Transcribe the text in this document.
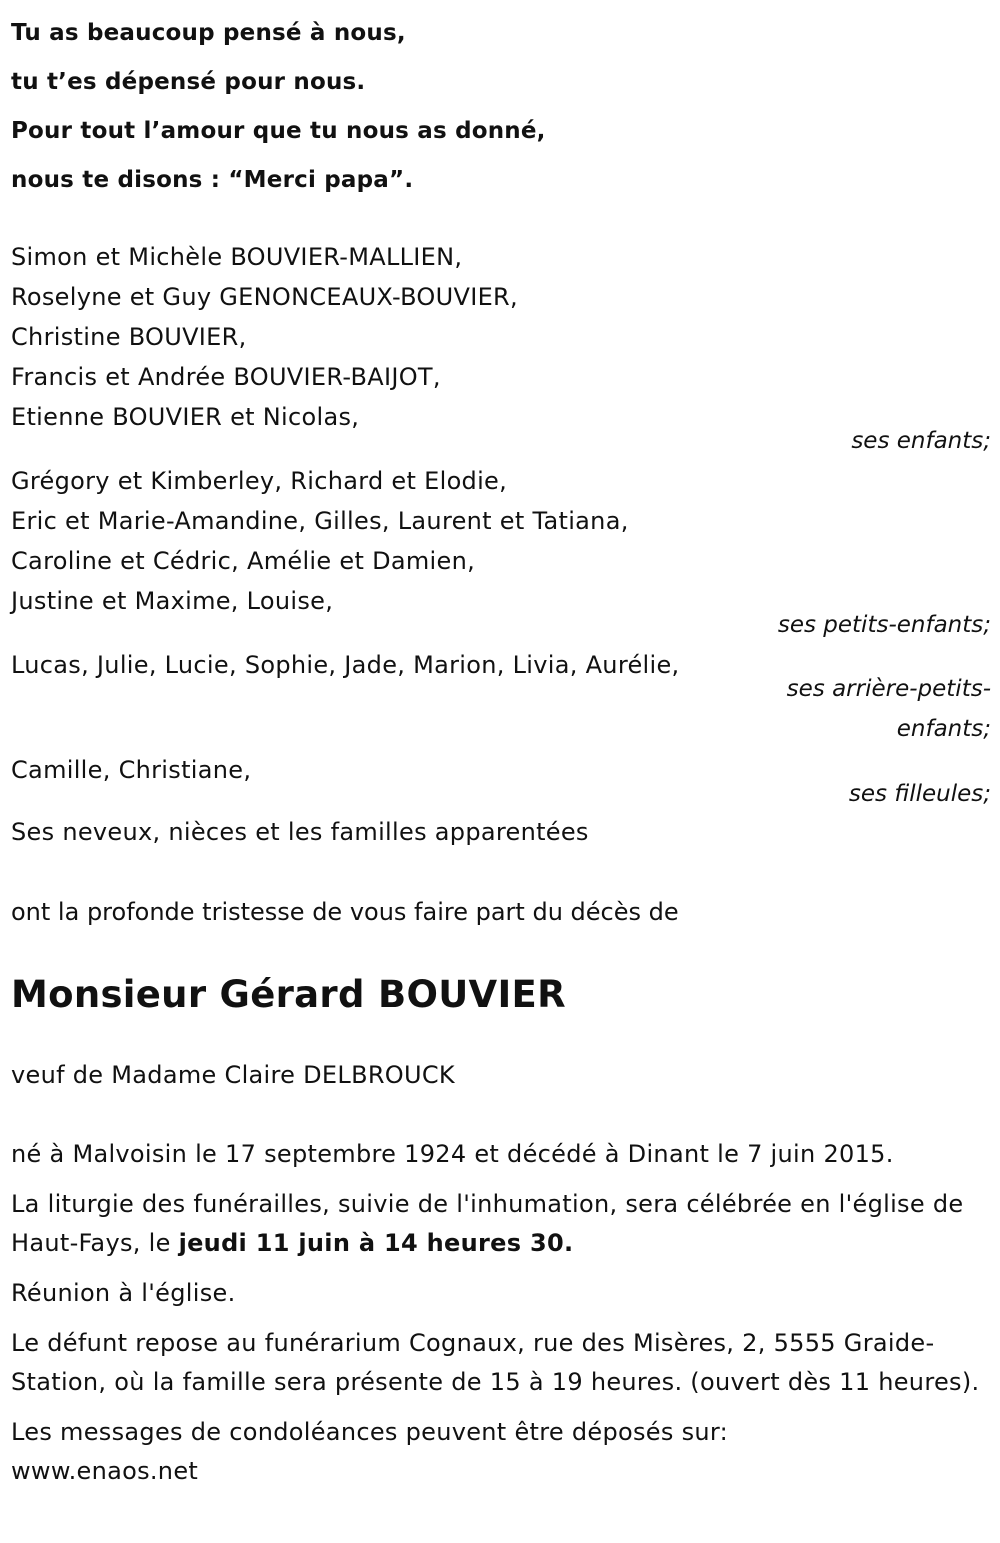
Tu as beaucoup pensé à nous,
tu t’es dépensé pour nous.
Pour tout l’amour que tu nous as donné,
nous te disons : “Merci papa”.
Simon et Michèle BOUVIER-MALLIEN,
Roselyne et Guy GENONCEAUX-BOUVIER,
Christine BOUVIER,
Francis et Andrée BOUVIER-BAIJOT,
Etienne BOUVIER et Nicolas,
ses enfants;
Grégory et Kimberley, Richard et Elodie,
Eric et Marie-Amandine, Gilles, Laurent et Tatiana,
Caroline et Cédric, Amélie et Damien,
Justine et Maxime, Louise,
ses petits-enfants;
Lucas, Julie, Lucie, Sophie, Jade, Marion, Livia, Aurélie,
ses arrière-petits-
enfants;
Camille, Christiane,
ses filleules;
Ses neveux, nièces et les familles apparentées
ont la profonde tristesse de vous faire part du décès de
Monsieur Gérard BOUVIER
veuf de Madame Claire DELBROUCK
né à Malvoisin le 17 septembre 1924 et décédé à Dinant le 7 juin 2015.
La liturgie des funérailles, suivie de l'inhumation, sera célébrée en l'église de Haut-Fays, le jeudi 11 juin à 14 heures 30.
Réunion à l'église.
Le défunt repose au funérarium Cognaux, rue des Misères, 2, 5555 Graide-Station, où la famille sera présente de 15 à 19 heures. (ouvert dès 11 heures).
Les messages de condoléances peuvent être déposés sur:
www.enaos.net
